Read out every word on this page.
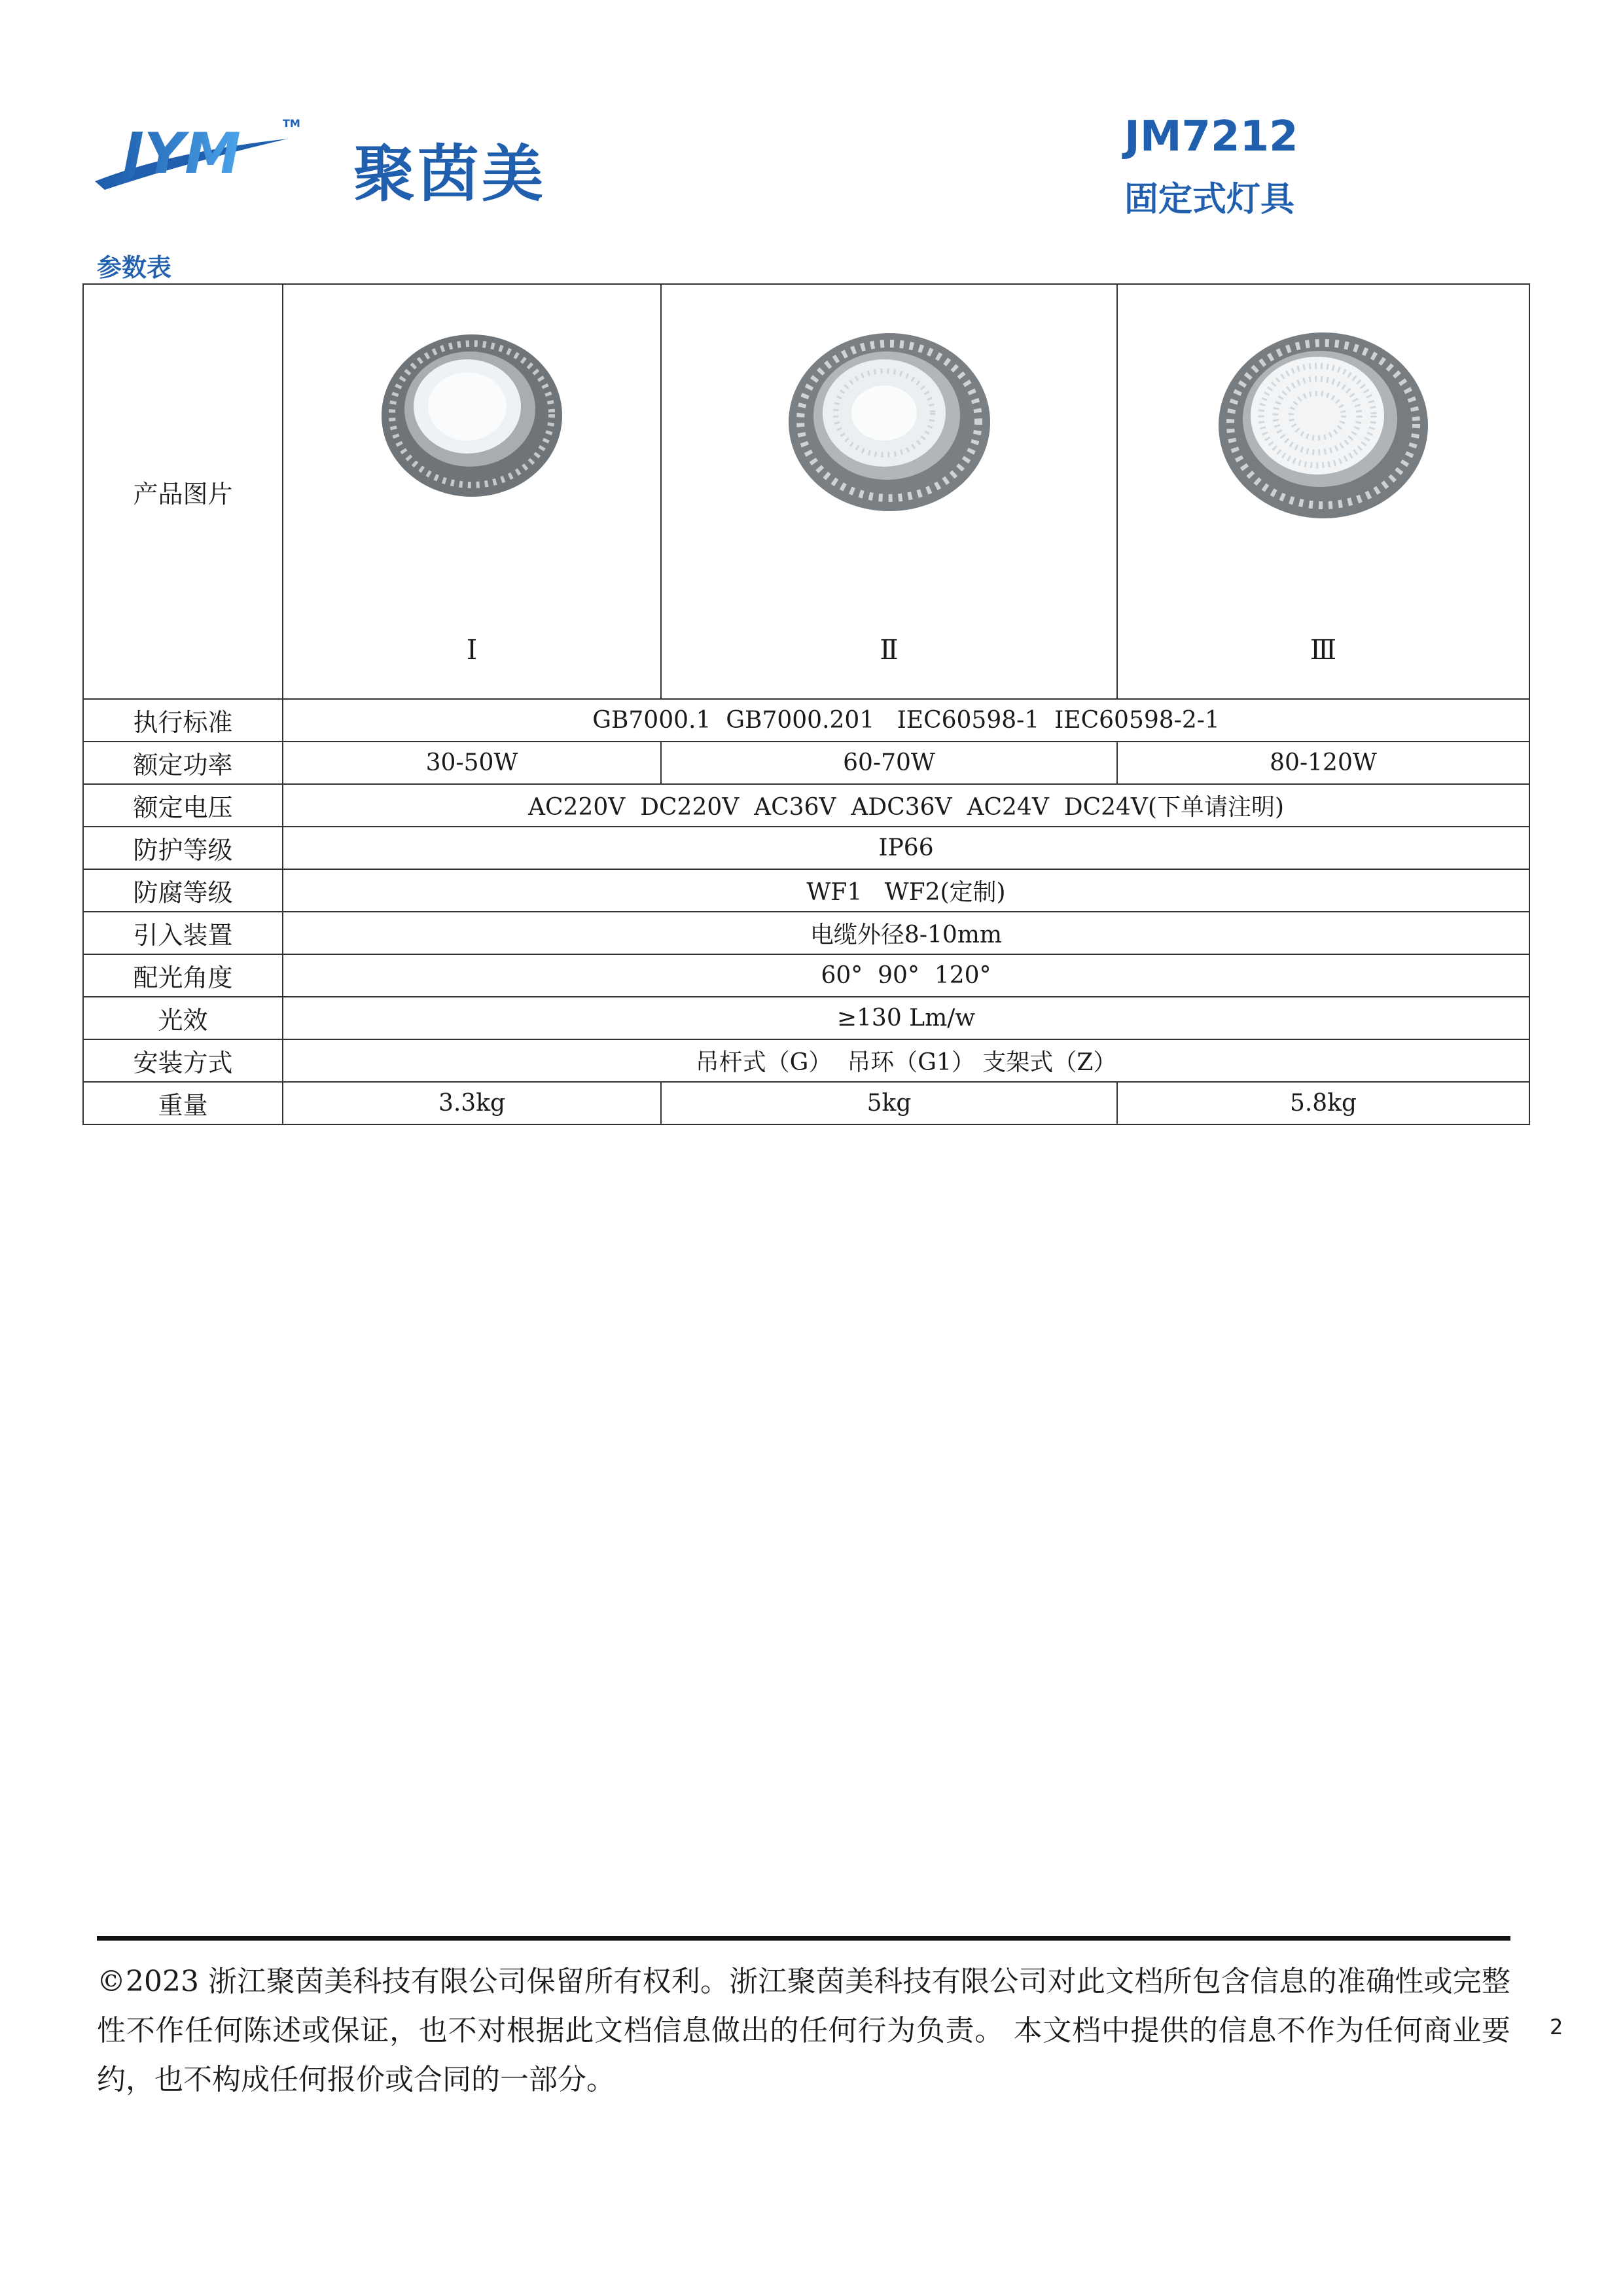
JYM	TM
聚茵美
JM7212
固定式灯具
参数表
产品图片	Ⅰ	Ⅱ	Ⅲ

执行标准	GB7000.1  GB7000.201   IEC60598-1  IEC60598-2-1		
额定功率	30-50W	60-70W	80-120W
额定电压	AC220V  DC220V  AC36V  ADC36V  AC24V  DC24V(下单请注明)		
防护等级	IP66		
防腐等级	WF1   WF2(定制)		
引入装置	电缆外径8-10mm		
配光角度	60°  90°  120°		
光效	≥130 Lm/w		
安装方式	吊杆式（G）  吊环（G1） 支架式（Z）		
重量	3.3kg	5kg	5.8kg
©2023 浙江聚茵美科技有限公司保留所有权利。浙江聚茵美科技有限公司对此文档所包含信息的准确性或完整性不作任何陈述或保证，也不对根据此文档信息做出的任何行为负责。 本文档中提供的信息不作为任何商业要约，也不构成任何报价或合同的一部分。
2
